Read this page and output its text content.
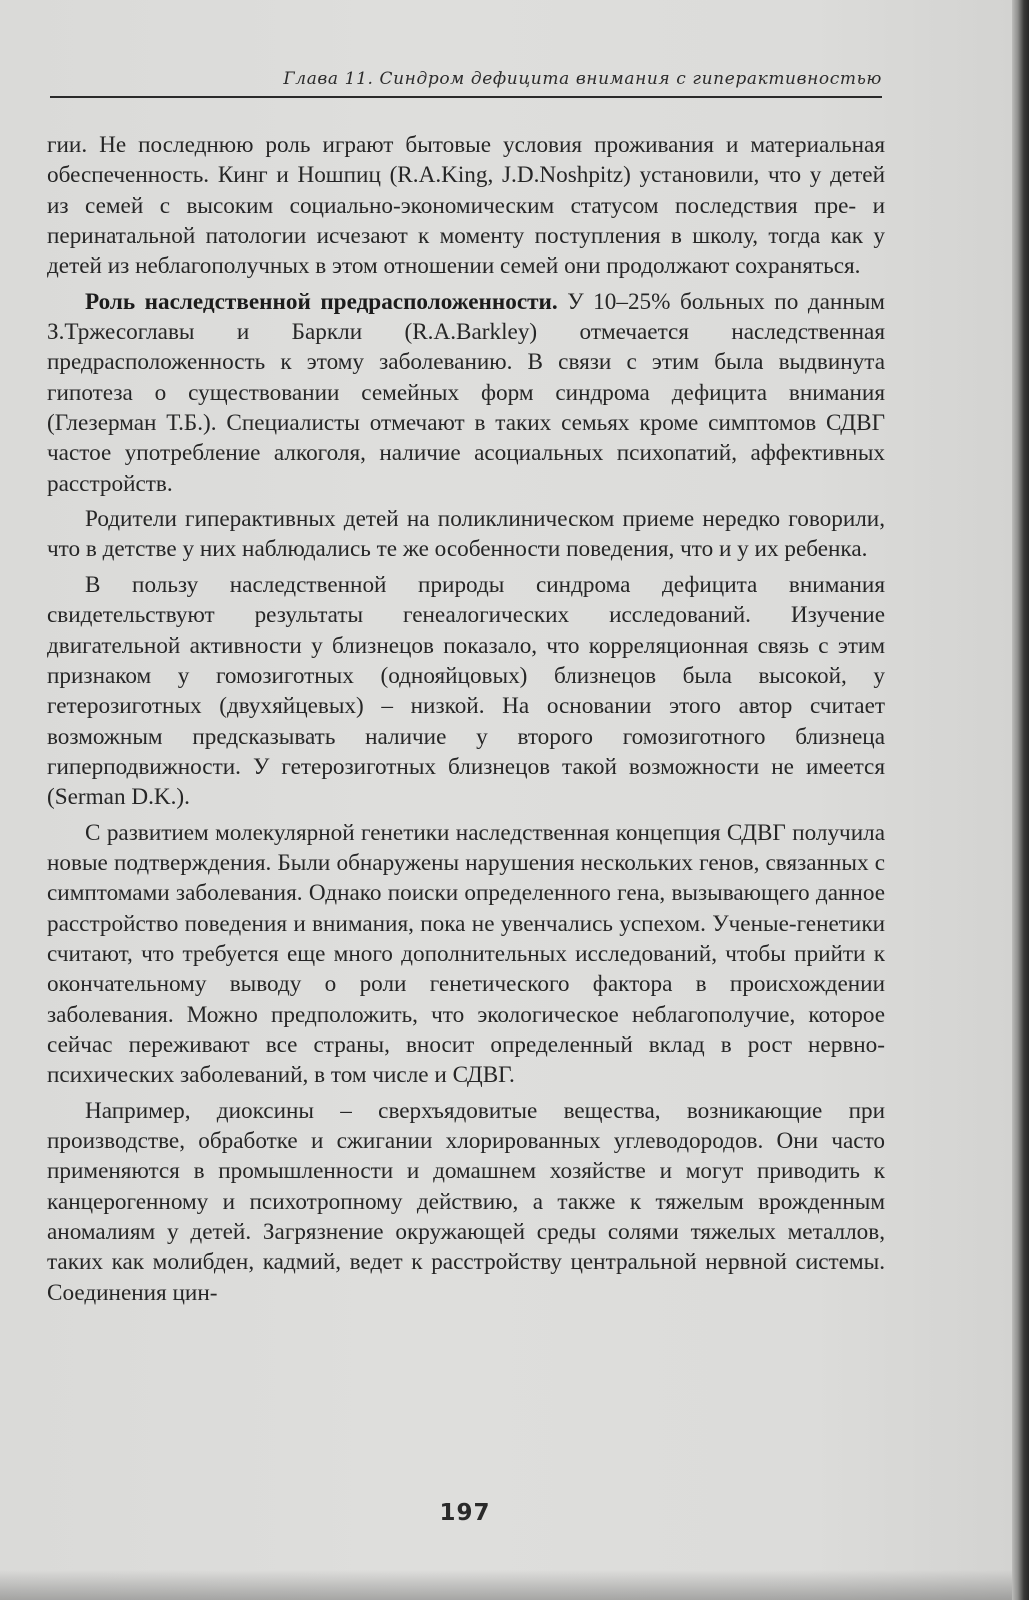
Глава 11. Синдром дефицита внимания с гиперактивностью

гии. Не последнюю роль играют бытовые условия проживания и материальная обеспеченность. Кинг и Ношпиц (R.A.King, J.D.Noshpitz) установили, что у детей из семей с высоким социально-экономическим статусом последствия пре- и перинатальной патологии исчезают к моменту поступления в школу, тогда как у детей из неблагополучных в этом отношении семей они продолжают сохраняться.

Роль наследственной предрасположенности. У 10–25% больных по данным З.Тржесоглавы и Баркли (R.A.Barkley) отмечается наследственная предрасположенность к этому заболеванию. В связи с этим была выдвинута гипотеза о существовании семейных форм синдрома дефицита внимания (Глезерман Т.Б.). Специалисты отмечают в таких семьях кроме симптомов СДВГ частое употребление алкоголя, наличие асоциальных психопатий, аффективных расстройств.

Родители гиперактивных детей на поликлиническом приеме нередко говорили, что в детстве у них наблюдались те же особенности поведения, что и у их ребенка.

В пользу наследственной природы синдрома дефицита внимания свидетельствуют результаты генеалогических исследований. Изучение двигательной активности у близнецов показало, что корреляционная связь с этим признаком у гомозиготных (однояйцовых) близнецов была высокой, у гетерозиготных (двухяйцевых) – низкой. На основании этого автор считает возможным предсказывать наличие у второго гомозиготного близнеца гиперподвижности. У гетерозиготных близнецов такой возможности не имеется (Serman D.K.).

С развитием молекулярной генетики наследственная концепция СДВГ получила новые подтверждения. Были обнаружены нарушения нескольких генов, связанных с симптомами заболевания. Однако поиски определенного гена, вызывающего данное расстройство поведения и внимания, пока не увенчались успехом. Ученые-генетики считают, что требуется еще много дополнительных исследований, чтобы прийти к окончательному выводу о роли генетического фактора в происхождении заболевания. Можно предположить, что экологическое неблагополучие, которое сейчас переживают все страны, вносит определенный вклад в рост нервно-психических заболеваний, в том числе и СДВГ.

Например, диоксины – сверхъядовитые вещества, возникающие при производстве, обработке и сжигании хлорированных углеводородов. Они часто применяются в промышленности и домашнем хозяйстве и могут приводить к канцерогенному и психотропному действию, а также к тяжелым врожденным аномалиям у детей. Загрязнение окружающей среды солями тяжелых металлов, таких как молибден, кадмий, ведет к расстройству центральной нервной системы. Соединения цин-

197
